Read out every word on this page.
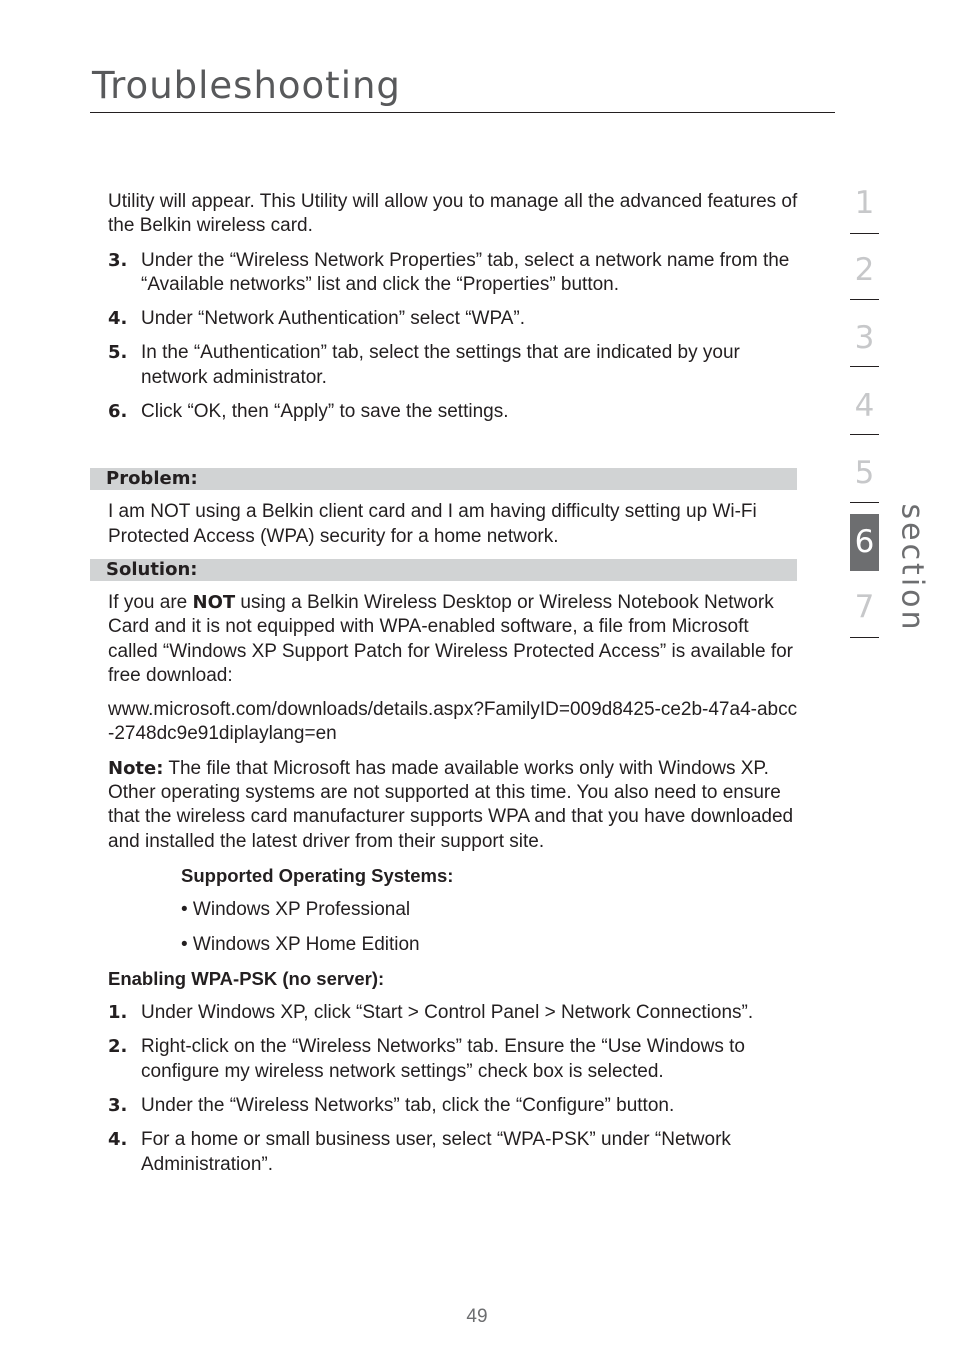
Troubleshooting

Utility will appear. This Utility will allow you to manage all the advanced features of the Belkin wireless card.

3. Under the “Wireless Network Properties” tab, select a network name from the “Available networks” list and click the “Properties” button.
4. Under “Network Authentication” select “WPA”.
5. In the “Authentication” tab, select the settings that are indicated by your network administrator.
6. Click “OK, then “Apply” to save the settings.
Problem:

I am NOT using a Belkin client card and I am having difficulty setting up Wi-Fi Protected Access (WPA) security for a home network.

Solution:

If you are NOT using a Belkin Wireless Desktop or Wireless Notebook Network Card and it is not equipped with WPA-enabled software, a file from Microsoft called “Windows XP Support Patch for Wireless Protected Access” is available for free download:

www.microsoft.com/downloads/details.aspx?FamilyID=009d8425-ce2b-47a4-abcc-2748dc9e91diplaylang=en

Note: The file that Microsoft has made available works only with Windows XP. Other operating systems are not supported at this time. You also need to ensure that the wireless card manufacturer supports WPA and that you have downloaded and installed the latest driver from their support site.

Supported Operating Systems:

• Windows XP Professional

• Windows XP Home Edition

Enabling WPA-PSK (no server):

1. Under Windows XP, click “Start > Control Panel > Network Connections”.
2. Right-click on the “Wireless Networks” tab. Ensure the “Use Windows to configure my wireless network settings” check box is selected.
3. Under the “Wireless Networks” tab, click the “Configure” button.
4. For a home or small business user, select “WPA-PSK” under “Network Administration”.
1
2
3
4
5
6
7 section
49
